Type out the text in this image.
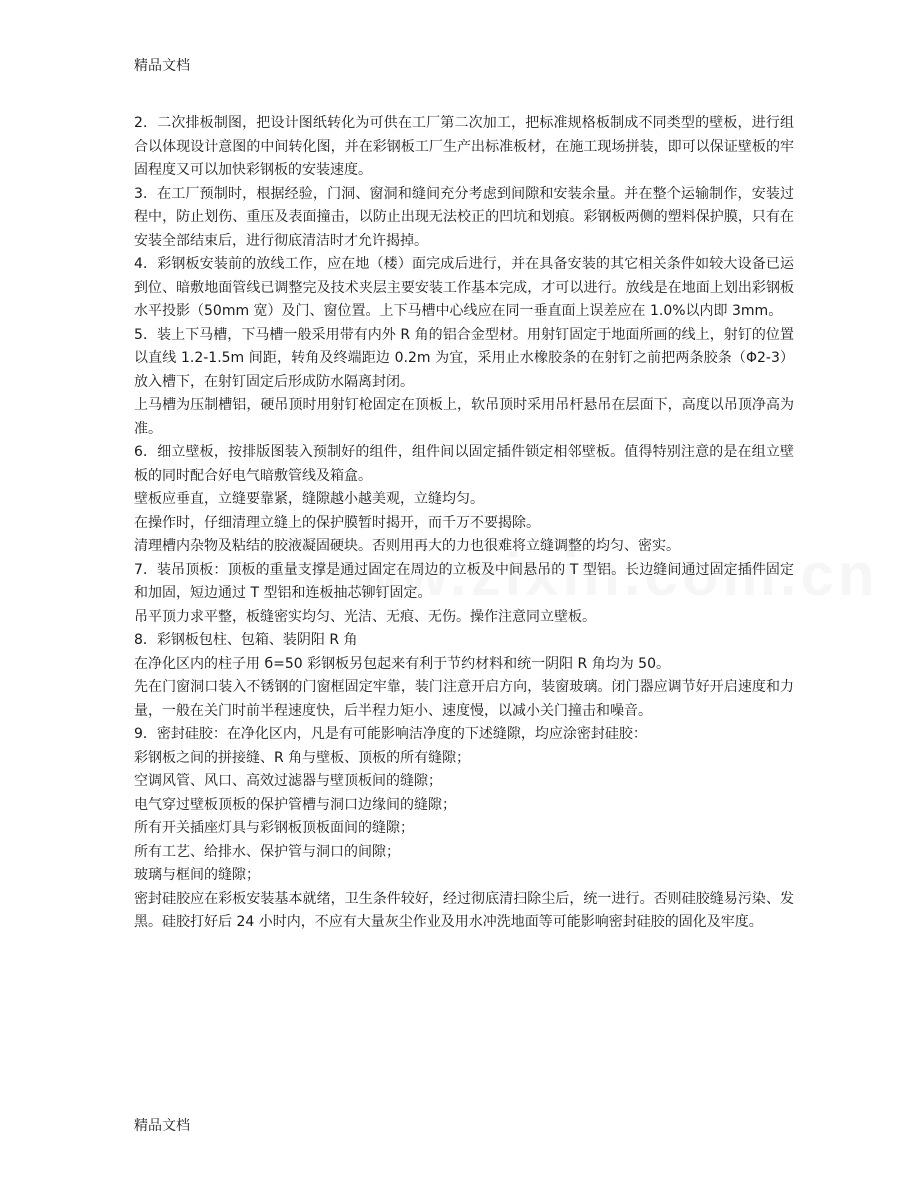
精品文档

2．二次排板制图，把设计图纸转化为可供在工厂第二次加工，把标准规格板制成不同类型的壁板，进行组合以体现设计意图的中间转化图，并在彩钢板工厂生产出标准板材，在施工现场拼装，即可以保证壁板的牢固程度又可以加快彩钢板的安装速度。

3．在工厂预制时，根据经验，门洞、窗洞和缝间充分考虑到间隙和安装余量。并在整个运输制作，安装过程中，防止划伤、重压及表面撞击，以防止出现无法校正的凹坑和划痕。彩钢板两侧的塑料保护膜，只有在安装全部结束后，进行彻底清洁时才允许揭掉。

4．彩钢板安装前的放线工作，应在地（楼）面完成后进行，并在具备安装的其它相关条件如较大设备已运到位、暗敷地面管线已调整完及技术夹层主要安装工作基本完成，才可以进行。放线是在地面上划出彩钢板水平投影（50mm 宽）及门、窗位置。上下马槽中心线应在同一垂直面上误差应在 1.0%以内即 3mm。

5．装上下马槽，下马槽一般采用带有内外 R 角的铝合金型材。用射钉固定于地面所画的线上，射钉的位置以直线 1.2-1.5m 间距，转角及终端距边 0.2m 为宜，采用止水橡胶条的在射钉之前把两条胶条（Φ2-3）放入槽下，在射钉固定后形成防水隔离封闭。

上马槽为压制槽铝，硬吊顶时用射钉枪固定在顶板上，软吊顶时采用吊杆悬吊在层面下，高度以吊顶净高为准。

6．细立壁板，按排版图装入预制好的组件，组件间以固定插件锁定相邻壁板。值得特别注意的是在组立壁板的同时配合好电气暗敷管线及箱盒。

壁板应垂直，立缝要靠紧，缝隙越小越美观，立缝均匀。

在操作时，仔细清理立缝上的保护膜暂时揭开，而千万不要揭除。

清理槽内杂物及粘结的胶液凝固硬块。否则用再大的力也很难将立缝调整的均匀、密实。

7．装吊顶板：顶板的重量支撑是通过固定在周边的立板及中间悬吊的 T 型铝。长边缝间通过固定插件固定和加固，短边通过 T 型铝和连板抽芯铆钉固定。

吊平顶力求平整，板缝密实均匀、光洁、无痕、无伤。操作注意同立壁板。

8．彩钢板包柱、包箱、装阴阳 R 角

在净化区内的柱子用 б=50 彩钢板另包起来有利于节约材料和统一阴阳 R 角均为 50。

先在门窗洞口装入不锈钢的门窗框固定牢靠，装门注意开启方向，装窗玻璃。闭门器应调节好开启速度和力量，一般在关门时前半程速度快，后半程力矩小、速度慢，以减小关门撞击和噪音。

9．密封硅胶：在净化区内，凡是有可能影响洁净度的下述缝隙，均应涂密封硅胶：

彩钢板之间的拼接缝、R 角与壁板、顶板的所有缝隙；

空调风管、风口、高效过滤器与壁顶板间的缝隙；

电气穿过壁板顶板的保护管槽与洞口边缘间的缝隙；

所有开关插座灯具与彩钢板顶板面间的缝隙；

所有工艺、给排水、保护管与洞口的间隙；

玻璃与框间的缝隙；

密封硅胶应在彩板安装基本就绪，卫生条件较好，经过彻底清扫除尘后，统一进行。否则硅胶缝易污染、发黑。硅胶打好后 24 小时内，不应有大量灰尘作业及用水冲洗地面等可能影响密封硅胶的固化及牢度。

精品文档
